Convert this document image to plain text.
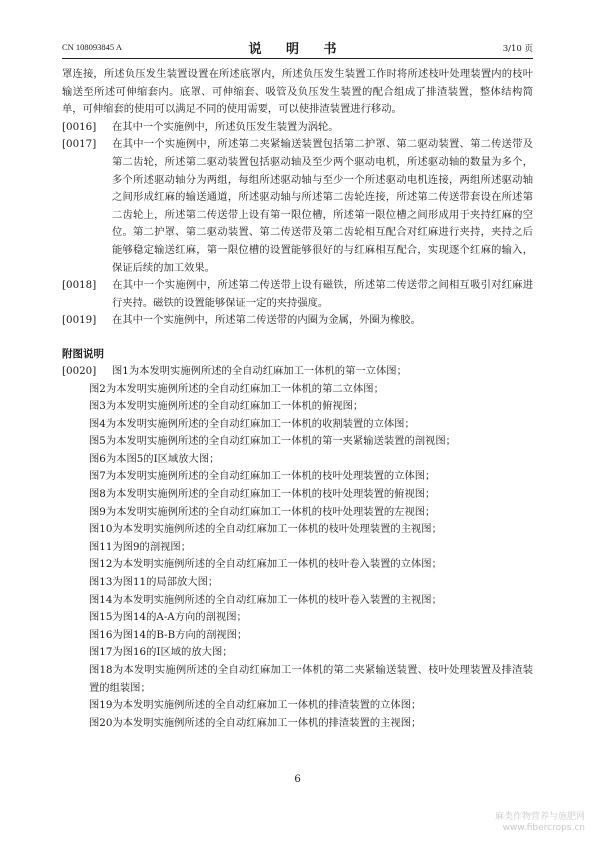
CN 108093845 A	说 明 书	3/10 页
罩连接，所述负压发生装置设置在所述底罩内，所述负压发生装置工作时将所述枝叶处理装置内的枝叶输送至所述可伸缩套内。底罩、可伸缩套、吸管及负压发生装置的配合组成了排渣装置，整体结构简单，可伸缩套的使用可以满足不同的使用需要，可以使排渣装置进行移动。
[0016] 在其中一个实施例中，所述负压发生装置为涡轮。
[0017] 在其中一个实施例中，所述第二夹紧输送装置包括第二护罩、第二驱动装置、第二传送带及第二齿轮，所述第二驱动装置包括驱动轴及至少两个驱动电机，所述驱动轴的数量为多个，多个所述驱动轴分为两组，每组所述驱动轴与至少一个所述驱动电机连接，两组所述驱动轴之间形成红麻的输送通道，所述驱动轴与所述第二齿轮连接，所述第二传送带套设在所述第二齿轮上，所述第二传送带上设有第一限位槽，所述第一限位槽之间形成用于夹持红麻的空位。第二护罩、第二驱动装置、第二传送带及第二齿轮相互配合对红麻进行夹持，夹持之后能够稳定输送红麻，第一限位槽的设置能够很好的与红麻相互配合，实现逐个红麻的输入，保证后续的加工效果。
[0018] 在其中一个实施例中，所述第二传送带上设有磁铁，所述第二传送带之间相互吸引对红麻进行夹持。磁铁的设置能够保证一定的夹持强度。
[0019] 在其中一个实施例中，所述第二传送带的内圈为金属，外圈为橡胶。
附图说明
[0020] 图1为本发明实施例所述的全自动红麻加工一体机的第一立体图；
图2为本发明实施例所述的全自动红麻加工一体机的第二立体图；
图3为本发明实施例所述的全自动红麻加工一体机的俯视图；
图4为本发明实施例所述的全自动红麻加工一体机的收割装置的立体图；
图5为本发明实施例所述的全自动红麻加工一体机的第一夹紧输送装置的剖视图；
图6为本图5的I区域放大图；
图7为本发明实施例所述的全自动红麻加工一体机的枝叶处理装置的立体图；
图8为本发明实施例所述的全自动红麻加工一体机的枝叶处理装置的俯视图；
图9为本发明实施例所述的全自动红麻加工一体机的枝叶处理装置的左视图；
图10为本发明实施例所述的全自动红麻加工一体机的枝叶处理装置的主视图；
图11为图9的剖视图；
图12为本发明实施例所述的全自动红麻加工一体机的枝叶卷入装置的立体图；
图13为图11的局部放大图；
图14为本发明实施例所述的全自动红麻加工一体机的枝叶卷入装置的主视图；
图15为图14的A-A方向的剖视图；
图16为图14的B-B方向的剖视图；
图17为图16的I区域的放大图；
图18为本发明实施例所述的全自动红麻加工一体机的第二夹紧输送装置、枝叶处理装置及排渣装置的组装图；
图19为本发明实施例所述的全自动红麻加工一体机的排渣装置的立体图；
图20为本发明实施例所述的全自动红麻加工一体机的排渣装置的主视图；
6
麻类作物营养与施肥网
www.fibercrops.cn
